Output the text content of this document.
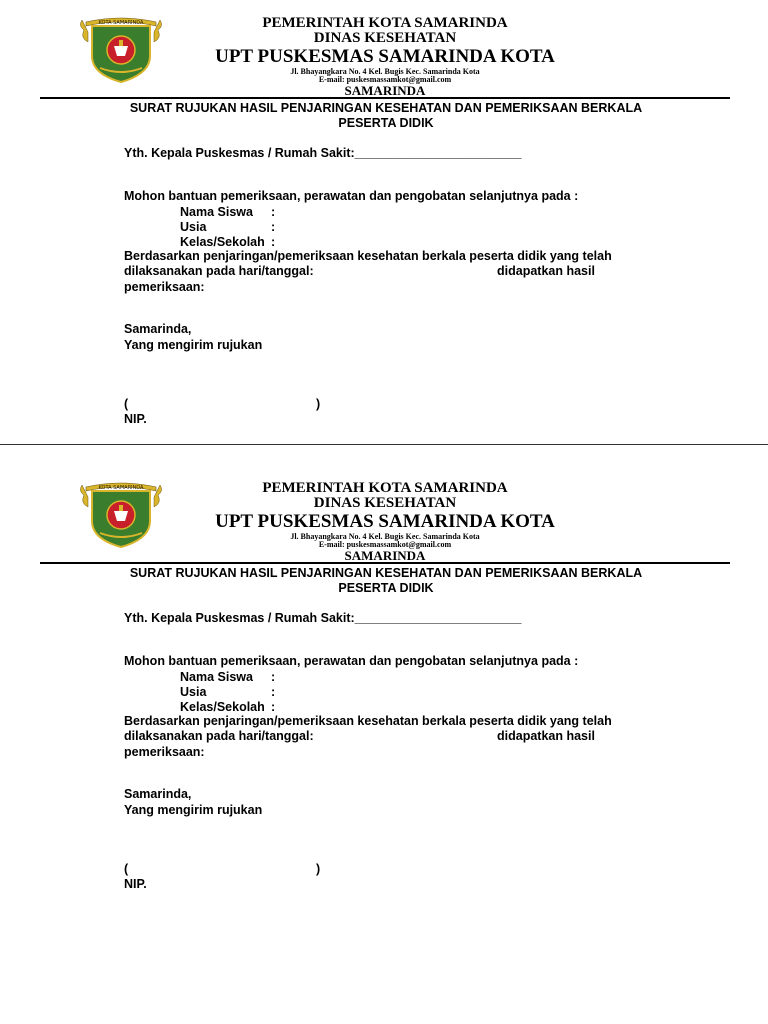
KOTA SAMARINDA	PEMERINTAH KOTA SAMARINDA
DINAS KESEHATAN
UPT PUSKESMAS SAMARINDA KOTA
Jl. Bhayangkara No. 4 Kel. Bugis Kec. Samarinda Kota
E-mail: puskesmassamkot@gmail.com
SAMARINDA
SURAT RUJUKAN HASIL PENJARINGAN KESEHATAN DAN PEMERIKSAAN BERKALA
PESERTA DIDIK
Yth. Kepala Puskesmas / Rumah Sakit:________________________
Mohon bantuan pemeriksaan, perawatan dan pengobatan selanjutnya pada :
Nama Siswa :
Usia	:
Kelas/Sekolah :
Berdasarkan penjaringan/pemeriksaan kesehatan berkala peserta didik yang telah
dilaksanakan pada hari/tanggal:	didapatkan hasil
pemeriksaan:
Samarinda,
Yang mengirim rujukan
(	)
NIP.
KOTA SAMARINDA	PEMERINTAH KOTA SAMARINDA
DINAS KESEHATAN
UPT PUSKESMAS SAMARINDA KOTA
Jl. Bhayangkara No. 4 Kel. Bugis Kec. Samarinda Kota
E-mail: puskesmassamkot@gmail.com
SAMARINDA
SURAT RUJUKAN HASIL PENJARINGAN KESEHATAN DAN PEMERIKSAAN BERKALA
PESERTA DIDIK
Yth. Kepala Puskesmas / Rumah Sakit:________________________
Mohon bantuan pemeriksaan, perawatan dan pengobatan selanjutnya pada :
Nama Siswa :
Usia	:
Kelas/Sekolah :
Berdasarkan penjaringan/pemeriksaan kesehatan berkala peserta didik yang telah
dilaksanakan pada hari/tanggal:	didapatkan hasil
pemeriksaan:
Samarinda,
Yang mengirim rujukan
(	)
NIP.
